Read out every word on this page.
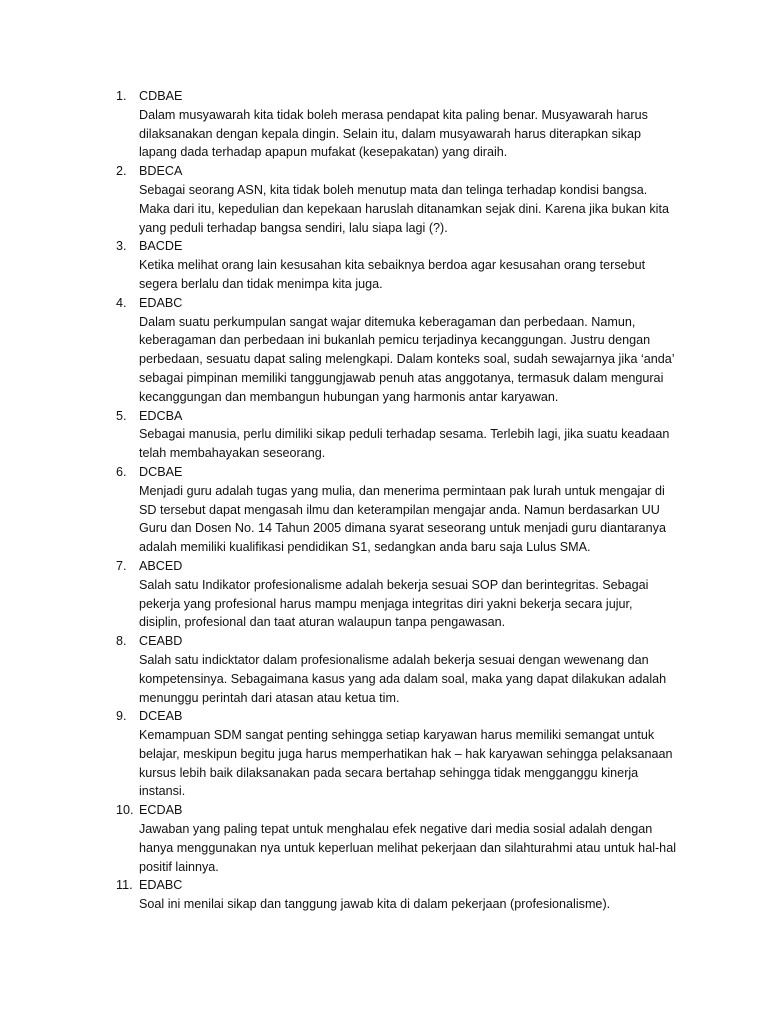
1. CDBAE

Dalam musyawarah kita tidak boleh merasa pendapat kita paling benar. Musyawarah harus dilaksanakan dengan kepala dingin. Selain itu, dalam musyawarah harus diterapkan sikap lapang dada terhadap apapun mufakat (kesepakatan) yang diraih.

2. BDECA

Sebagai seorang ASN, kita tidak boleh menutup mata dan telinga terhadap kondisi bangsa. Maka dari itu, kepedulian dan kepekaan haruslah ditanamkan sejak dini. Karena jika bukan kita yang peduli terhadap bangsa sendiri, lalu siapa lagi (?).

3. BACDE

Ketika melihat orang lain kesusahan kita sebaiknya berdoa agar kesusahan orang tersebut segera berlalu dan tidak menimpa kita juga.

4. EDABC

Dalam suatu perkumpulan sangat wajar ditemuka keberagaman dan perbedaan. Namun, keberagaman dan perbedaan ini bukanlah pemicu terjadinya kecanggungan. Justru dengan perbedaan, sesuatu dapat saling melengkapi. Dalam konteks soal, sudah sewajarnya jika ‘anda’ sebagai pimpinan memiliki tanggungjawab penuh atas anggotanya, termasuk dalam mengurai kecanggungan dan membangun hubungan yang harmonis antar karyawan.

5. EDCBA

Sebagai manusia, perlu dimiliki sikap peduli terhadap sesama. Terlebih lagi, jika suatu keadaan telah membahayakan seseorang.

6. DCBAE

Menjadi guru adalah tugas yang mulia, dan menerima permintaan pak lurah untuk mengajar di SD tersebut dapat mengasah ilmu dan keterampilan mengajar anda. Namun berdasarkan UU Guru dan Dosen No. 14 Tahun 2005 dimana syarat seseorang untuk menjadi guru diantaranya adalah memiliki kualifikasi pendidikan S1, sedangkan anda baru saja Lulus SMA.

7. ABCED

Salah satu Indikator profesionalisme adalah bekerja sesuai SOP dan berintegritas. Sebagai pekerja yang profesional harus mampu menjaga integritas diri yakni bekerja secara jujur, disiplin, profesional dan taat aturan walaupun tanpa pengawasan.

8. CEABD

Salah satu indicktator dalam profesionalisme adalah bekerja sesuai dengan wewenang dan kompetensinya. Sebagaimana kasus yang ada dalam soal, maka yang dapat dilakukan adalah menunggu perintah dari atasan atau ketua tim.

9. DCEAB

Kemampuan SDM sangat penting sehingga setiap karyawan harus memiliki semangat untuk belajar, meskipun begitu juga harus memperhatikan hak – hak karyawan sehingga pelaksanaan kursus lebih baik dilaksanakan pada secara bertahap sehingga tidak mengganggu kinerja instansi.

10. ECDAB

Jawaban yang paling tepat untuk menghalau efek negative dari media sosial adalah dengan hanya menggunakan nya untuk keperluan melihat pekerjaan dan silahturahmi atau untuk hal-hal positif lainnya.

11. EDABC

Soal ini menilai sikap dan tanggung jawab kita di dalam pekerjaan (profesionalisme).
